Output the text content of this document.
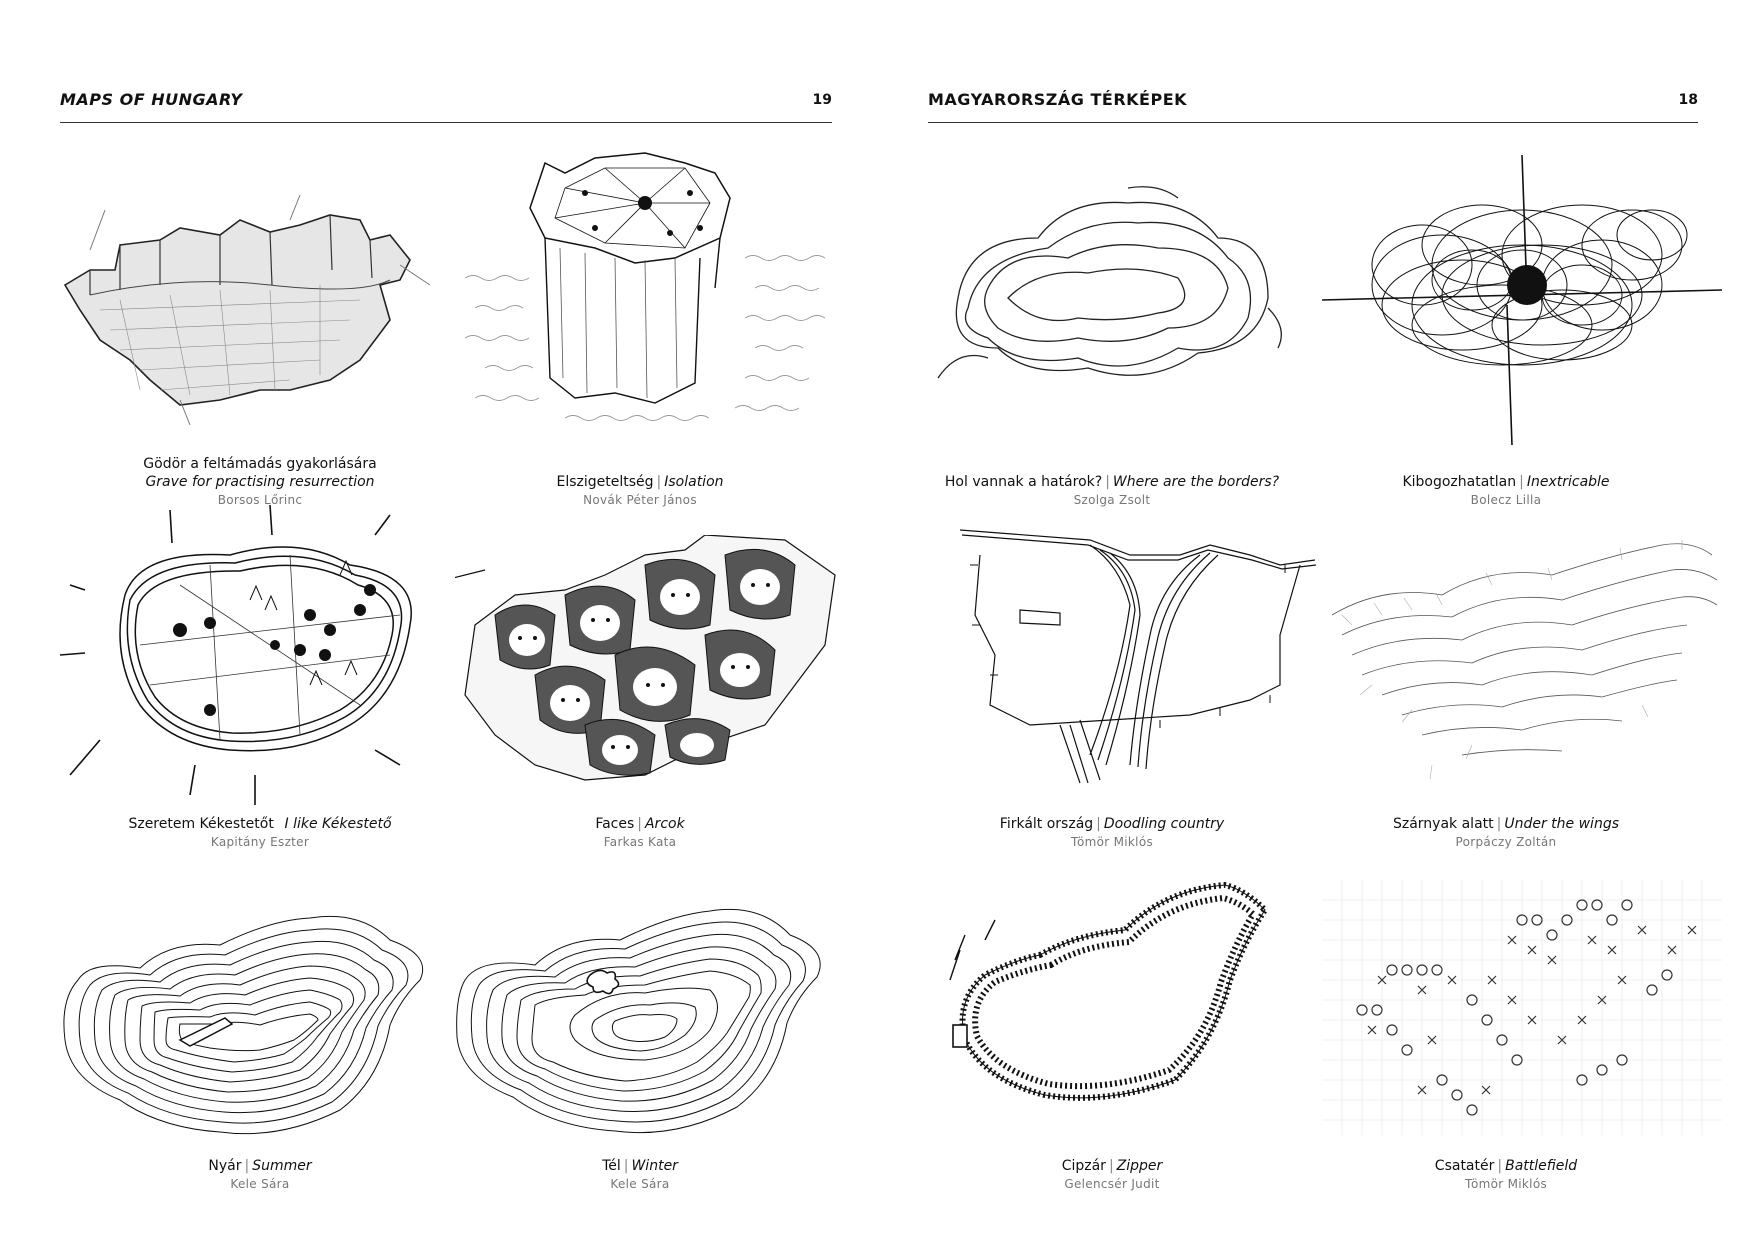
MAPS OF HUNGARY	19	MAGYARORSZÁG TÉRKÉPEK	18
Gödör a feltámadás gyakorlására
Grave for practising resurrection
Borsos Lőrinc
Elszigeteltség | Isolation
Novák Péter János
Hol vannak a határok? | Where are the borders?
Szolga Zsolt
Kibogozhatatlan | Inextricable
Bolecz Lilla
Szeretem Kékestetőt I like Kékestető
Kapitány Eszter
Faces | Arcok
Farkas Kata
Firkált ország | Doodling country
Tömör Miklós
Szárnyak alatt | Under the wings
Porpáczy Zoltán
Nyár | Summer
Kele Sára
Tél | Winter
Kele Sára
Cipzár | Zipper
Gelencsér Judit
Csatatér | Battlefield
Tömör Miklós
